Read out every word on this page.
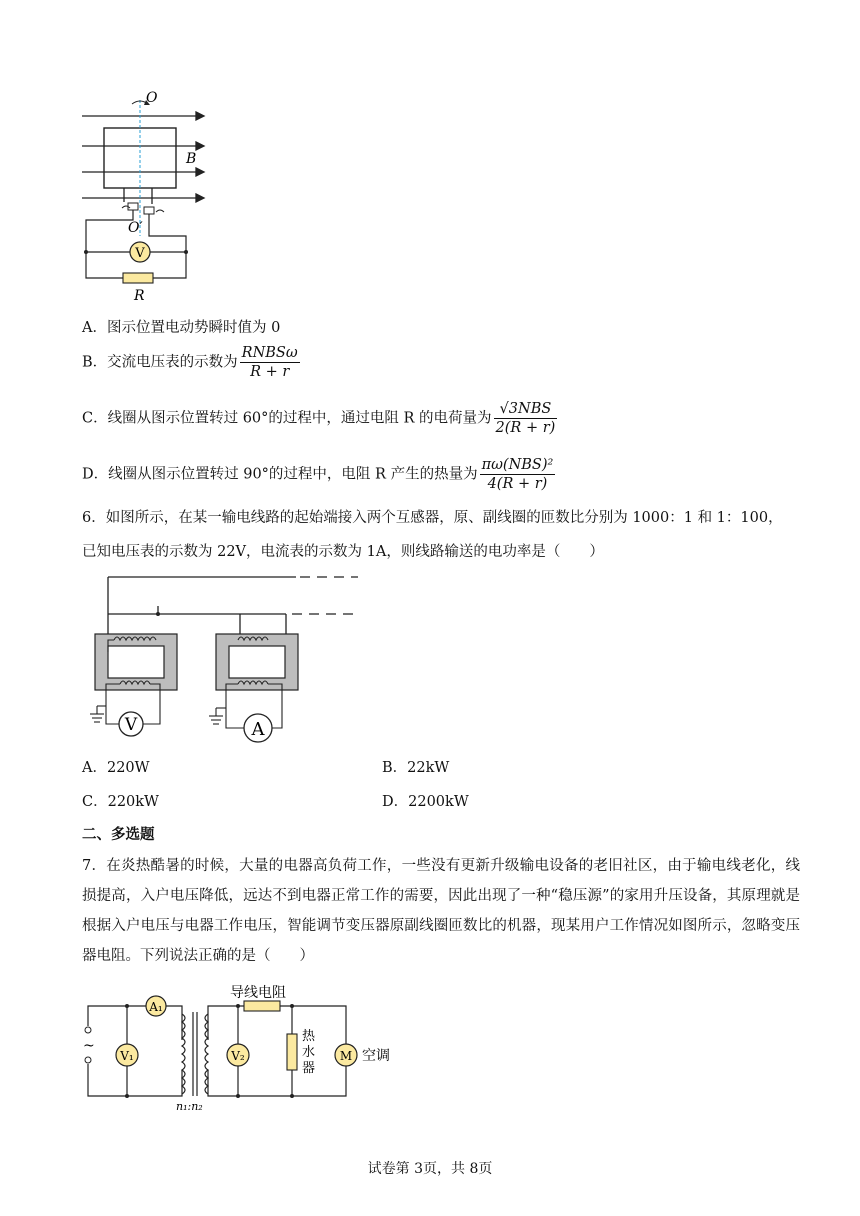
V
O
B
O′
R
A．图示位置电动势瞬时值为 0
B．交流电压表的示数为 $\frac{\text{RNBSω}}{R + r}$
C．线圈从图示位置转过 60°的过程中，通过电阻 R 的电荷量为 $\frac{\text{√3NBS}}{2(R + r)}$
D．线圈从图示位置转过 90°的过程中，电阻 R 产生的热量为 $\frac{\text{πω(NBS)²}}{4(R + r)}$
6．如图所示，在某一输电线路的起始端接入两个互感器，原、副线圈的匝数比分别为 1000：1 和 1：100，
已知电压表的示数为 22V，电流表的示数为 1A，则线路输送的电功率是（　　）
V	A
A．220W	B．22kW
C．220kW	D．2200kW
二、多选题
7．在炎热酷暑的时候，大量的电器高负荷工作，一些没有更新升级输电设备的老旧社区，由于输电线老化，线损提高，入户电压降低，远达不到电器正常工作的需要，因此出现了一种“稳压源”的家用升压设备，其原理就是根据入户电压与电器工作电压，智能调节变压器原副线圈匝数比的机器，现某用户工作情况如图所示，忽略变压器电阻。下列说法正确的是（　　）
~
A₁
V₁	V₂	M
导线电阻
空调
n₁:n₂
热
水
器
试卷第 3页，共 8页
